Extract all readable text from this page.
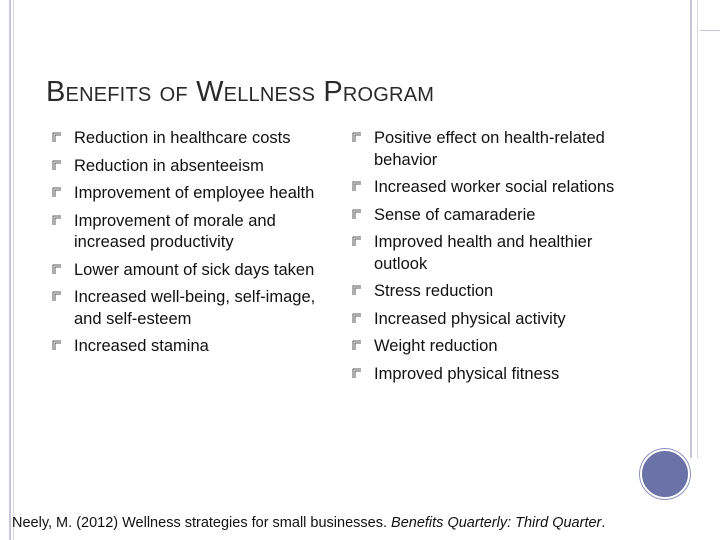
Benefits of Wellness Program
Reduction in healthcare costs
Reduction in absenteeism
Improvement of employee health
Improvement of morale and increased productivity
Lower amount of sick days taken
Increased well-being, self-image, and self-esteem
Increased stamina
Positive effect on health-related behavior
Increased worker social relations
Sense of camaraderie
Improved health and healthier outlook
Stress reduction
Increased physical activity
Weight reduction
Improved physical fitness
Neely, M. (2012) Wellness strategies for small businesses. Benefits Quarterly: Third Quarter.
